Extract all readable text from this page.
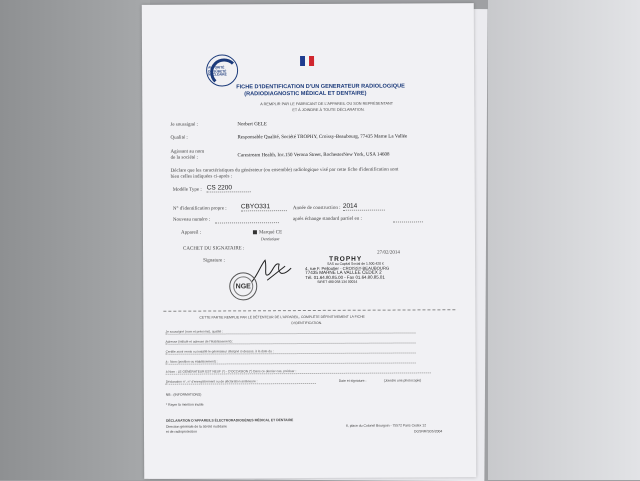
AUTORITÉ
DE SÛRETÉ
NUCLÉAIRE
FICHE D'IDENTIFICATION D'UN GENERATEUR RADIOLOGIQUE
(RADIODIAGNOSTIC MÉDICAL ET DENTAIRE)
A REMPLIR PAR LE FABRICANT DE L'APPAREIL OU SON REPRÉSENTANT
ET À JOINDRE À TOUTE DÉCLARATION.
Je soussigné :	Norbert GELE
Qualité :	Responsable Qualité, Société TROPHY, Croissy-Beaubourg, 77435 Marne La Vallée
Agissant au nom
de la société :	Carestream Health, Inc.150 Verona Street, RochesterNew York, USA 14608
Déclare que les caractéristiques du générateur (ou ensemble) radiologique visé par cette fiche d'identification sont
bien celles indiquées ci-après :
Modèle Type : CS 2200
N° d'identification propre : CBYO331	Année de construction : 2014
Nouveau numéro :	après échange standard partiel en :
Appareil :	Marqué CE
Dentistique
CACHET DU SIGNATAIRE :
27/02/2014
Signature :
NGE
TROPHY
SAS au Capital Social de 1.500.420 €
4, rue F. Pelloutier - CROISSY-BEAUBOURG
77435 MARNE LA VALLÉE CEDEX 2
Tél. 01.64.80.85.00 - Fax 01.64.80.85.01
SIRET 480 058 134 00014
CETTE PARTIE REMPLIE PAR LE DÉTENTEUR DE L'APPAREIL, COMPLÈTE DÉFINITIVEMENT LA FICHE
D'IDENTIFICATION.
Je soussigné (nom et prénoms), qualité :
Adresse (intitulé et adresse de l'établissement) :
Certifie avoir remis ou installé le générateur désigné ci-dessus, à la date du :
à : Nom (position ou établissement) :
à Nom : LE GÉNÉRATEUR EST NEUF (*) - D'OCCASION (*) Dans ce dernier cas, préciser :
Déclaration n°, n° d'enregistrement ou de déclaration antérieure :	Date et signature :	(Joindre une photocopie)
NB : (INFORMATIONS)
* Rayer la mention inutile
DÉCLARATION D'APPAREILS ÉLECTRORADIOGÈNES MÉDICAL ET DENTAIRE
Direction générale de la sûreté nucléaire
et de radioprotection
6, place du Colonel Bourgoin - 75572 Paris Cedex 12
DGSNR/SD5/2004
